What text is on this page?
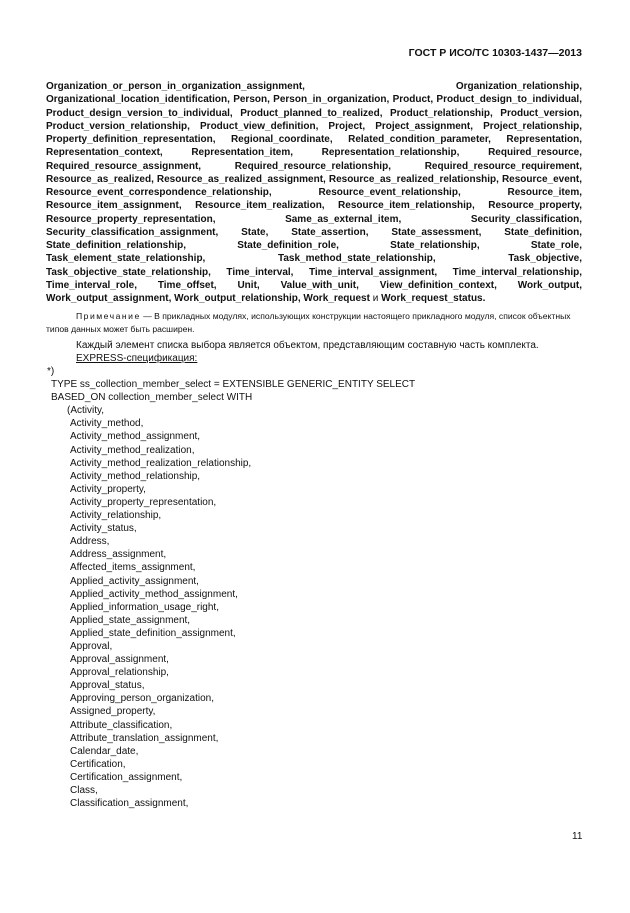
ГОСТ Р ИСО/ТС 10303-1437—2013
Organization_or_person_in_organization_assignment, Organization_relationship, Organizational_location_identification, Person, Person_in_organization, Product, Product_design_to_individual, Product_design_version_to_individual, Product_planned_to_realized, Product_relationship, Product_version, Product_version_relationship, Product_view_definition, Project, Project_assignment, Project_relationship, Property_definition_representation, Regional_coordinate, Related_condition_parameter, Representation, Representation_context, Representation_item, Representation_relationship, Required_resource, Required_resource_assignment, Required_resource_relationship, Required_resource_requirement, Resource_as_realized, Resource_as_realized_assignment, Resource_as_realized_relationship, Resource_event, Resource_event_correspondence_relationship, Resource_event_relationship, Resource_item, Resource_item_assignment, Resource_item_realization, Resource_item_relationship, Resource_property, Resource_property_representation, Same_as_external_item, Security_classification, Security_classification_assignment, State, State_assertion, State_assessment, State_definition, State_definition_relationship, State_definition_role, State_relationship, State_role, Task_element_state_relationship, Task_method_state_relationship, Task_objective, Task_objective_state_relationship, Time_interval, Time_interval_assignment, Time_interval_relationship, Time_interval_role, Time_offset, Unit, Value_with_unit, View_definition_context, Work_output, Work_output_assignment, Work_output_relationship, Work_request и Work_request_status.

Примечание — В прикладных модулях, использующих конструкции настоящего прикладного модуля, список объектных типов данных может быть расширен.

Каждый элемент списка выбора является объектом, представляющим составную часть комплекта.
EXPRESS-спецификация:
*)
TYPE ss_collection_member_select = EXTENSIBLE GENERIC_ENTITY SELECT
BASED_ON collection_member_select WITH
(Activity,
Activity_method,
Activity_method_assignment,
Activity_method_realization,
Activity_method_realization_relationship,
Activity_method_relationship,
Activity_property,
Activity_property_representation,
Activity_relationship,
Activity_status,
Address,
Address_assignment,
Affected_items_assignment,
Applied_activity_assignment,
Applied_activity_method_assignment,
Applied_information_usage_right,
Applied_state_assignment,
Applied_state_definition_assignment,
Approval,
Approval_assignment,
Approval_relationship,
Approval_status,
Approving_person_organization,
Assigned_property,
Attribute_classification,
Attribute_translation_assignment,
Calendar_date,
Certification,
Certification_assignment,
Class,
Classification_assignment,
11
